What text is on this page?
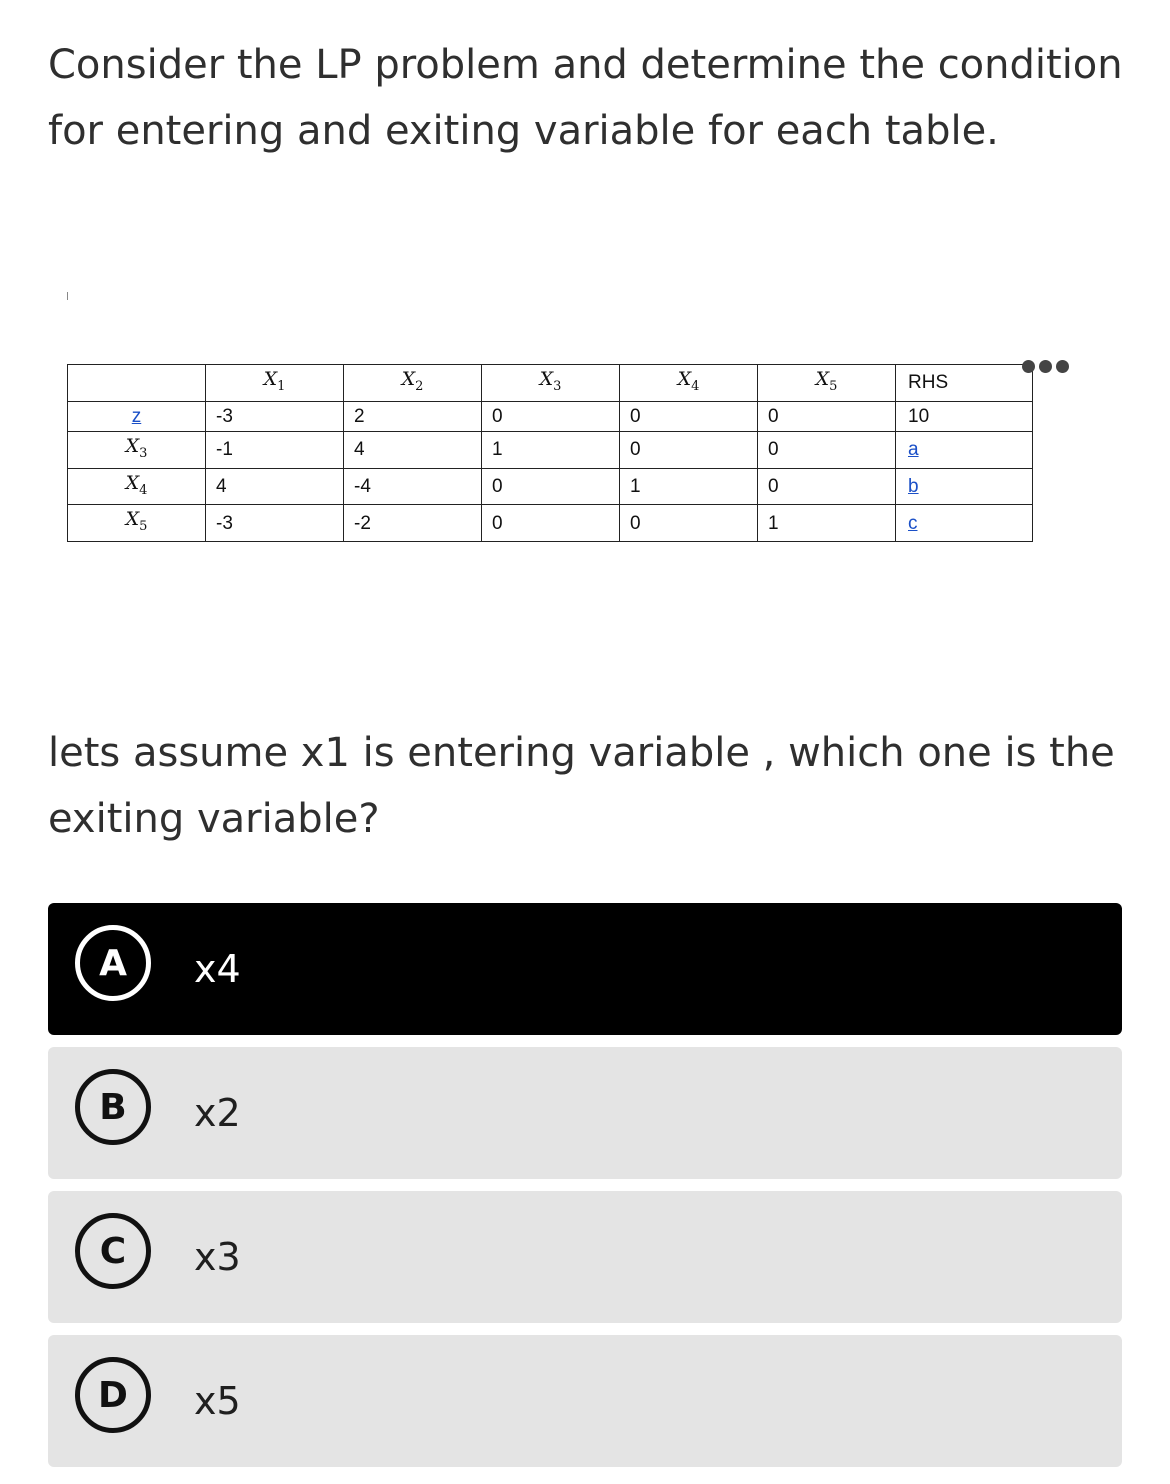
Consider the LP problem and determine the condition for entering and exiting variable for each table.

	$X_1$	$X_2$	$X_3$	$X_4$	$X_5$	RHS
z	-3	2	0	0	0	10
$X_3$	-1	4	1	0	0	a
$X_4$	4	-4	0	1	0	b
$X_5$	-3	-2	0	0	1	c

lets assume x1 is entering variable , which one is the exiting variable?

A	x4
B	x2
C	x3
D	x5
